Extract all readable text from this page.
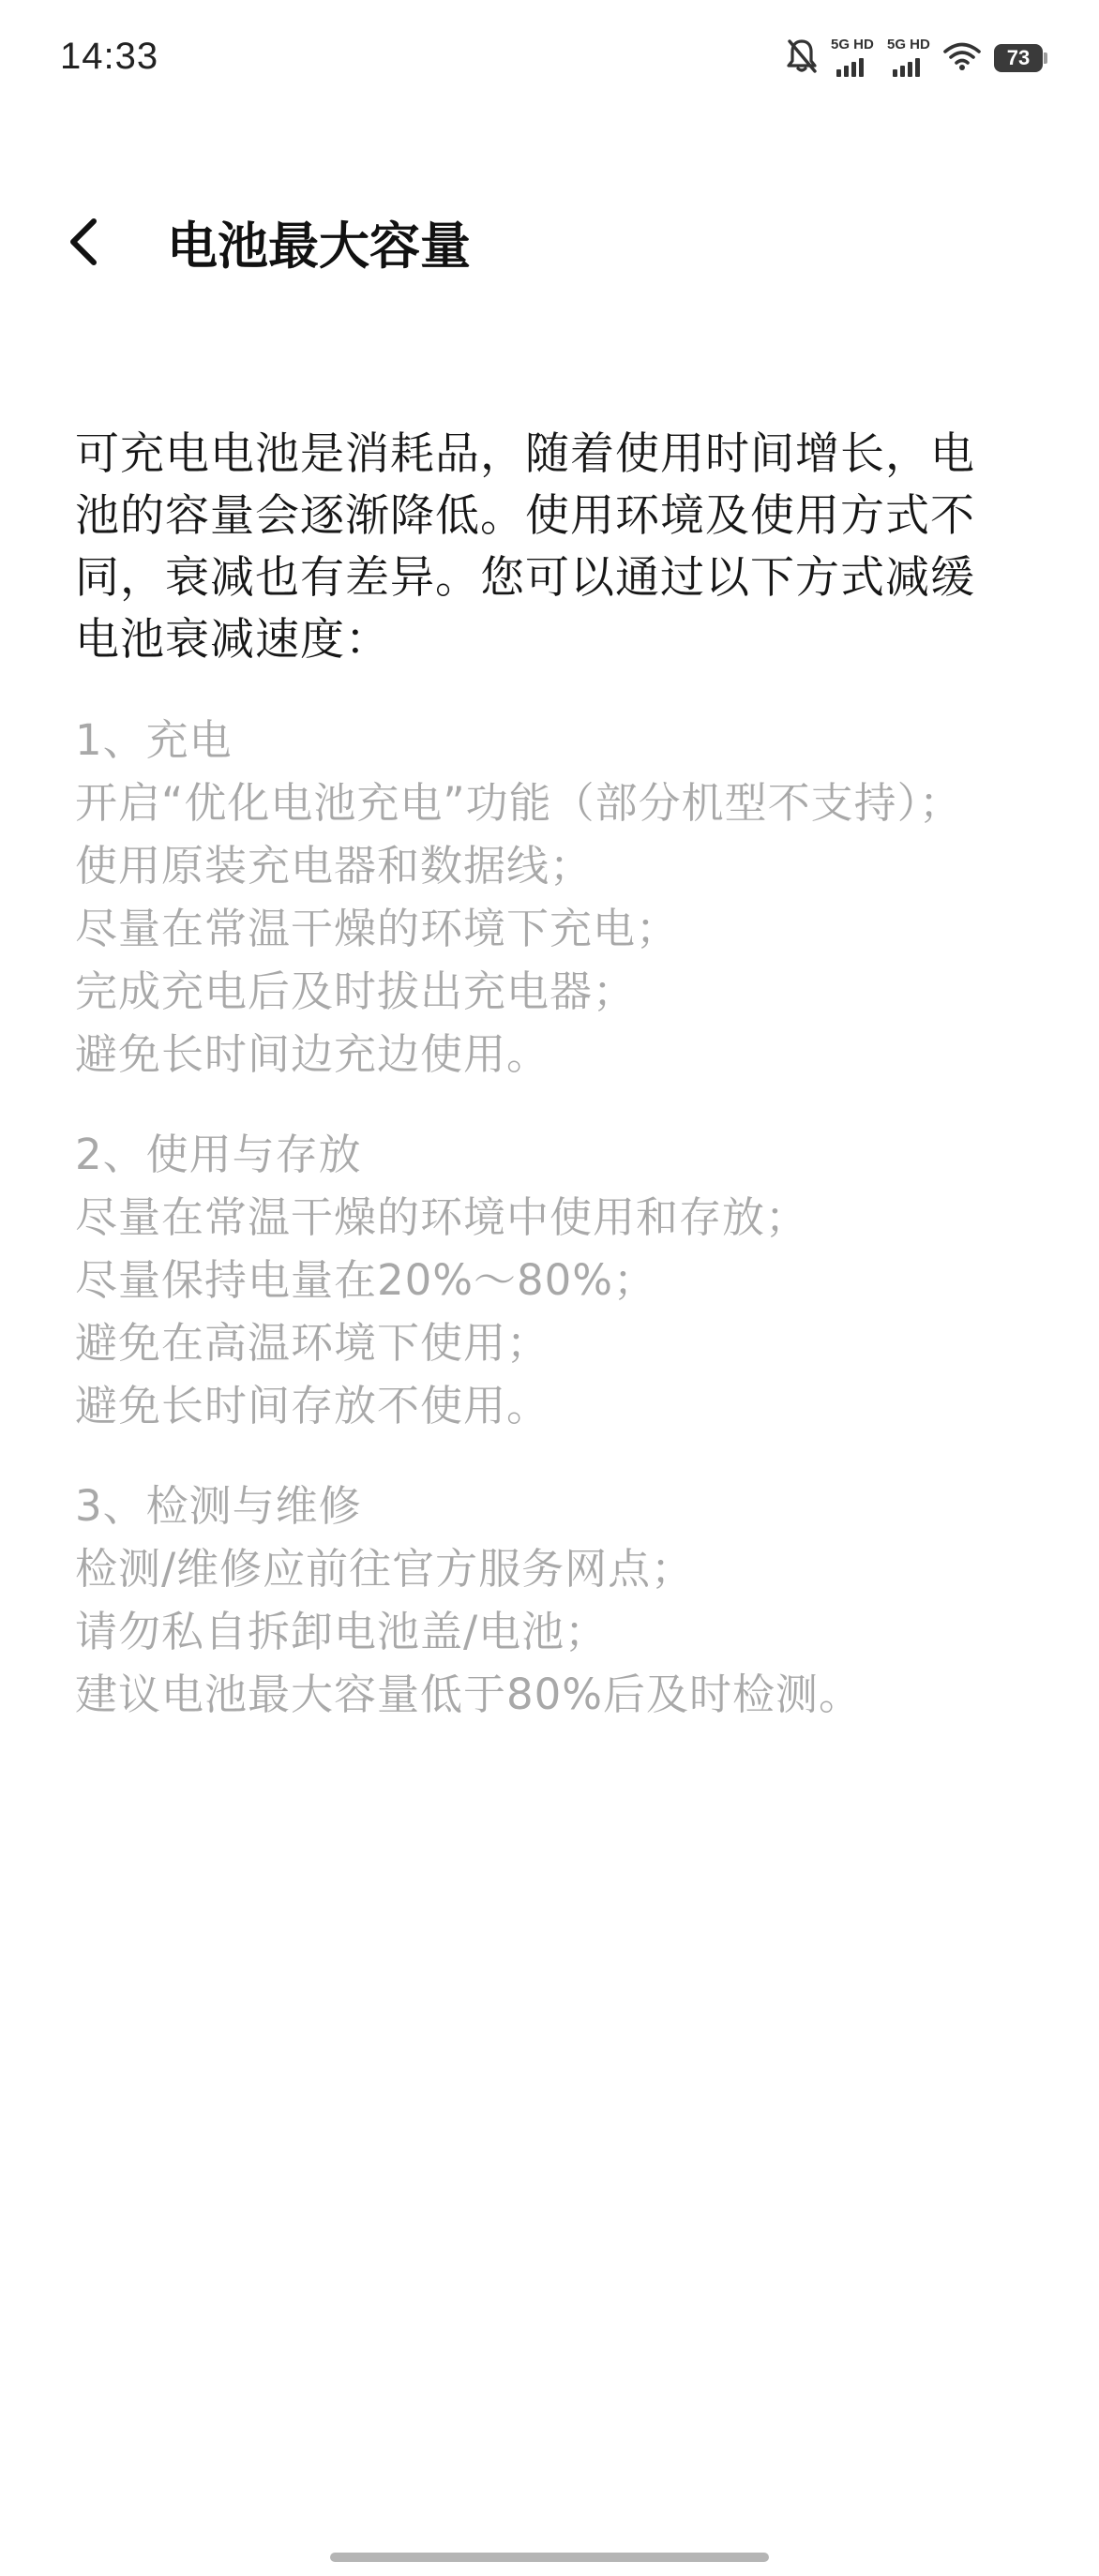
14:33	5G HD 5G HD
73
电池最大容量

可充电电池是消耗品，随着使用时间增长，电池的容量会逐渐降低。使用环境及使用方式不同，衰减也有差异。您可以通过以下方式减缓电池衰减速度：

1、充电

开启“优化电池充电”功能（部分机型不支持）；

使用原装充电器和数据线；

尽量在常温干燥的环境下充电；

完成充电后及时拔出充电器；

避免长时间边充边使用。

2、使用与存放

尽量在常温干燥的环境中使用和存放；

尽量保持电量在20%～80%；

避免在高温环境下使用；

避免长时间存放不使用。

3、检测与维修

检测/维修应前往官方服务网点；

请勿私自拆卸电池盖/电池；

建议电池最大容量低于80%后及时检测。
